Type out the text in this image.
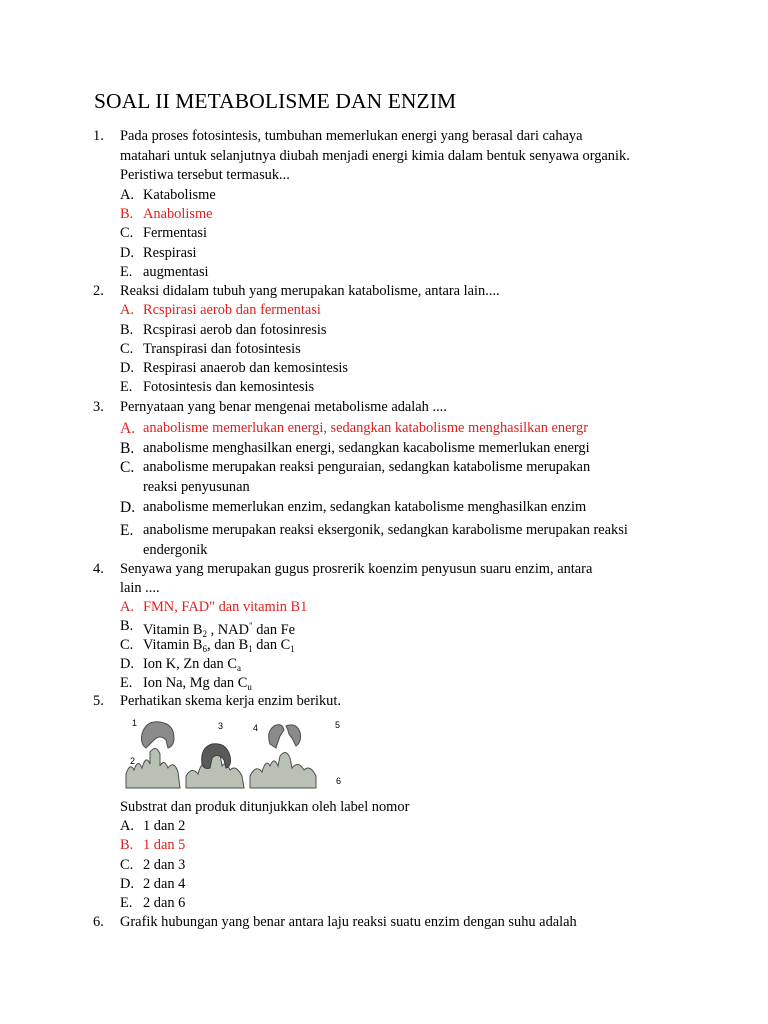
SOAL II METABOLISME DAN ENZIM
1. Pada proses fotosintesis, tumbuhan memerlukan energi yang berasal dari cahaya
matahari untuk selanjutnya diubah menjadi energi kimia dalam bentuk senyawa organik.
Peristiwa tersebut termasuk...
A. Katabolisme
B. Anabolisme
C. Fermentasi
D. Respirasi
E. augmentasi
2. Reaksi didalam tubuh yang merupakan katabolisme, antara lain....
A. Rcspirasi aerob dan fermentasi
B. Rcspirasi aerob dan fotosinresis
C. Transpirasi dan fotosintesis
D. Respirasi anaerob dan kemosintesis
E. Fotosintesis dan kemosintesis
3. Pernyataan yang benar mengenai metabolisme adalah ....
A. anabolisme memerlukan energi, sedangkan katabolisme menghasilkan energr
B. anabolisme menghasilkan energi, sedangkan kacabolisme memerlukan energi
C. anabolisme merupakan reaksi penguraian, sedangkan katabolisme merupakan
reaksi penyusunan
D. anabolisme memerlukan enzim, sedangkan katabolisme menghasilkan enzim
E. anabolisme merupakan reaksi eksergonik, sedangkan karabolisme merupakan reaksi
endergonik
4. Senyawa yang merupakan gugus prosrerik koenzim penyusun suaru enzim, antara
lain ....
A. FMN, FAD" dan vitamin B1
B. Vitamin $B_2$ , NAD" dan Fe
C. Vitamin $B_6$, dan $B_1$ dan $C_1$
D. Ion K, Zn dan $C_a$
E. Ion Na, Mg dan $C_u$
5. Perhatikan skema kerja enzim berikut.
1
2
3	4	5
6
Substrat dan produk ditunjukkan oleh label nomor
A. 1 dan 2
B. 1 dan 5
C. 2 dan 3
D. 2 dan 4
E. 2 dan 6
6. Grafik hubungan yang benar antara laju reaksi suatu enzim dengan suhu adalah
